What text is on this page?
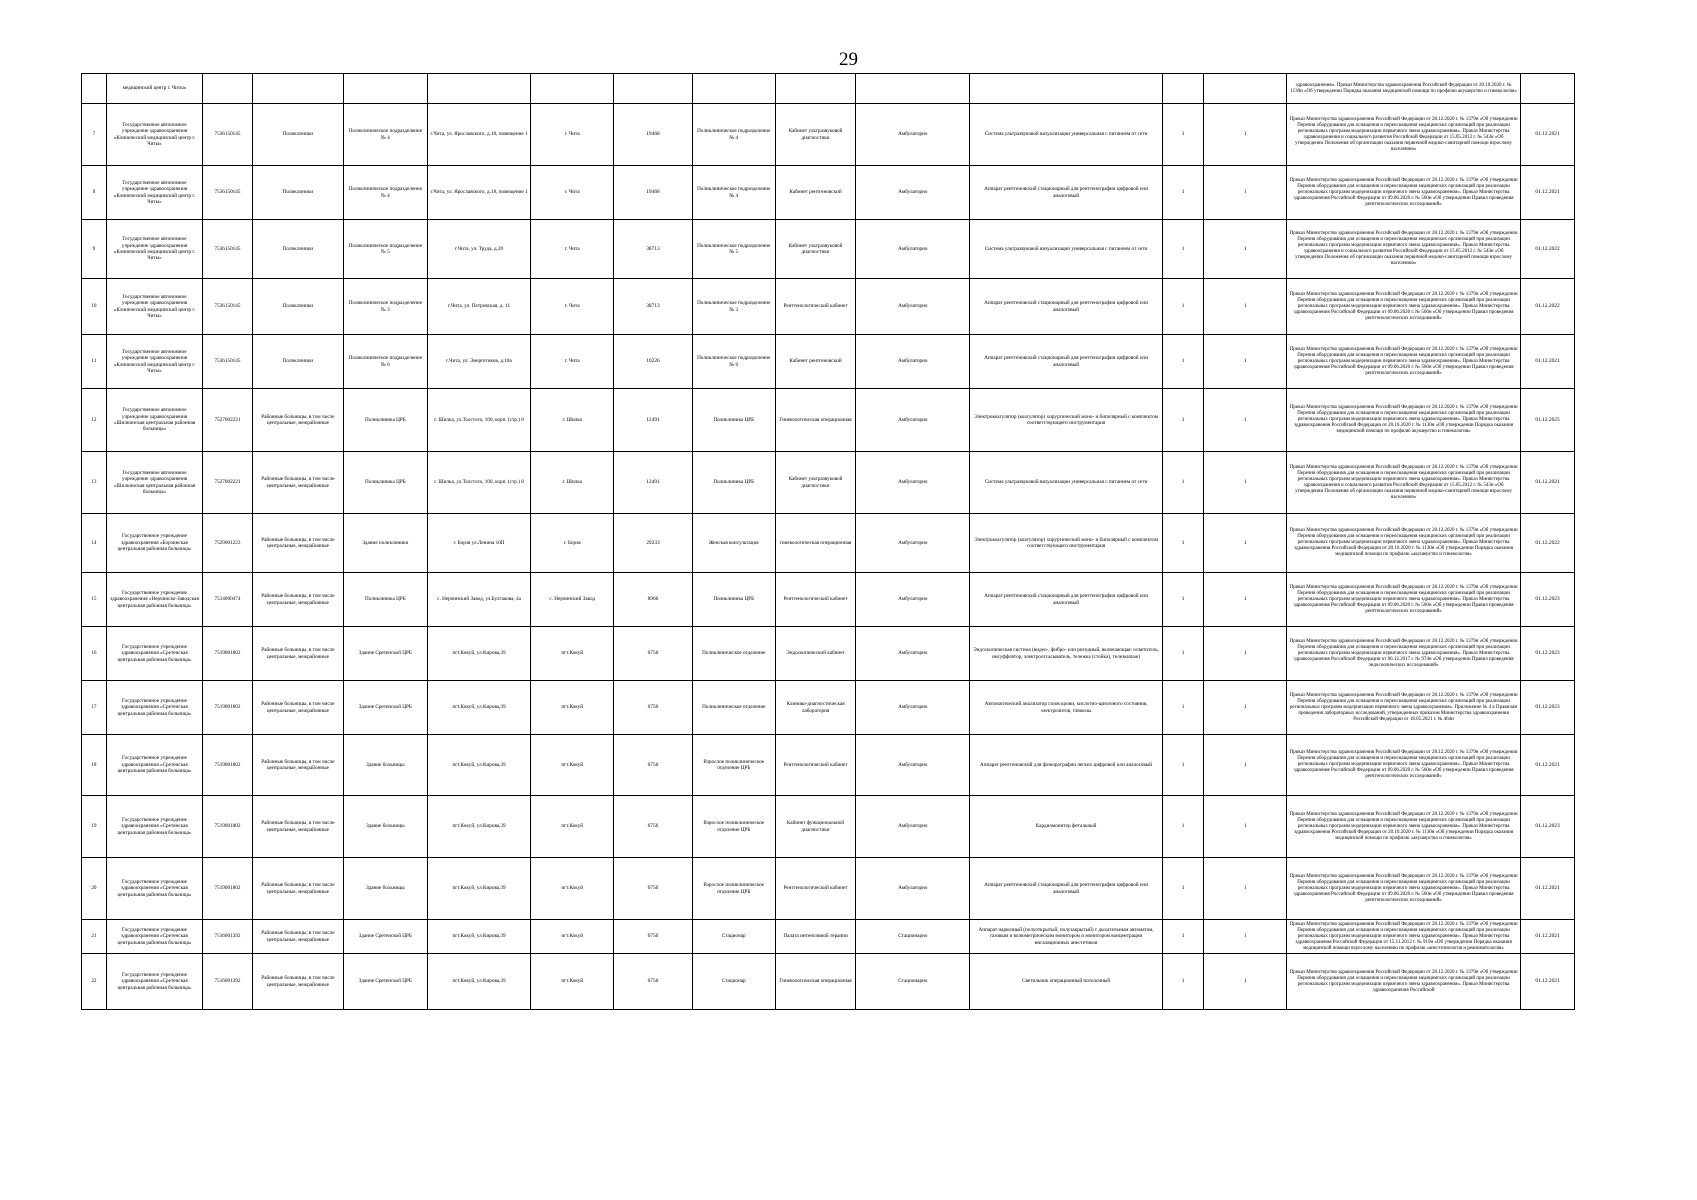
29
	медицинский центр г. Читы»													здравоохранения». Приказ Министерства здравоохранения Российской Федерации от 20.10.2020 г. № 1130н «Об утверждении Порядка оказания медицинской помощи по профилю акушерство и гинекология»	
7	Государственное автономное учреждение здравоохранения «Клинический медицинский центр г. Читы»	7536150145	Поликлиники	Поликлиническое подразделение № 4	г.Чита, ул. Ярославского, д.18, помещение 1	г. Чита	19468	Поликлиническое подразделение № 4	Кабинет ультразвуковой диагностики	Амбулаторно	Система ультразвуковой визуализации универсальная с питанием от сети	1	1	Приказ Министерства здравоохранения Российской Федерации от 28.12.2020 г. № 1379н «Об утверждении Перечня оборудования для оснащения и переоснащения медицинских организаций при реализации региональных программ модернизации первичного звена здравоохранения». Приказ Министерства здравоохранения и социального развития Российской Федерации от 15.05.2012 г. № 543н «Об утверждении Положения об организации оказания первичной медико-санитарной помощи взрослому населению»	01.12.2021
8	Государственное автономное учреждение здравоохранения «Клинический медицинский центр г. Читы»	7536150145	Поликлиники	Поликлиническое подразделение № 4	г.Чита, ул. Ярославского, д.18, помещение 1	г. Чита	19468	Поликлиническое подразделение № 4	Кабинет рентгеновский	Амбулаторно	Аппарат рентгеновский стационарный для рентгенографии цифровой или аналоговый	1	1	Приказ Министерства здравоохранения Российской Федерации от 28.12.2020 г. № 1379н «Об утверждении Перечня оборудования для оснащения и переоснащения медицинских организаций при реализации региональных программ модернизации первичного звена здравоохранения». Приказ Министерства здравоохранения Российской Федерации от 09.06.2020 г. № 560н «Об утверждении Правил проведения рентгенологических исследований»	01.12.2021
9	Государственное автономное учреждение здравоохранения «Клинический медицинский центр г. Читы»	7536150145	Поликлиники	Поликлиническое подразделение № 5	г.Чита, ул. Труда, д.20	г. Чита	38713	Поликлиническое подразделение № 5	Кабинет ультразвуковой диагностики	Амбулаторно	Система ультразвуковой визуализации универсальная с питанием от сети	1	1	Приказ Министерства здравоохранения Российской Федерации от 28.12.2020 г. № 1379н «Об утверждении Перечня оборудования для оснащения и переоснащения медицинских организаций при реализации региональных программ модернизации первичного звена здравоохранения». Приказ Министерства здравоохранения и социального развития Российской Федерации от 15.05.2012 г. № 543н «Об утверждении Положения об организации оказания первичной медико-санитарной помощи взрослому населению»	01.12.2022
10	Государственное автономное учреждение здравоохранения «Клинический медицинский центр г. Читы»	7536150145	Поликлиники	Поликлиническое подразделение № 3	г.Чита, ул. Петровская, д. 11	г. Чита	38713	Поликлиническое подразделение № 3	Рентгенологический кабинет	Амбулаторно	Аппарат рентгеновский стационарный для рентгенографии цифровой или аналоговый	1	1	Приказ Министерства здравоохранения Российской Федерации от 28.12.2020 г. № 1379н «Об утверждении Перечня оборудования для оснащения и переоснащения медицинских организаций при реализации региональных программ модернизации первичного звена здравоохранения». Приказ Министерства здравоохранения Российской Федерации от 09.06.2020 г. № 560н «Об утверждении Правил проведения рентгенологических исследований»	01.12.2022
11	Государственное автономное учреждение здравоохранения «Клинический медицинский центр г. Читы»	7536150145	Поликлиники	Поликлиническое подразделение № 6	г.Чита, ул. Энергетиков, д.18а	г. Чита	10226	Поликлиническое подразделение № 6	Кабинет рентгеновский	Амбулаторно	Аппарат рентгеновский стационарный для рентгенографии цифровой или аналоговый	1	1	Приказ Министерства здравоохранения Российской Федерации от 28.12.2020 г. № 1379н «Об утверждении Перечня оборудования для оснащения и переоснащения медицинских организаций при реализации региональных программ модернизации первичного звена здравоохранения». Приказ Министерства здравоохранения Российской Федерации от 09.06.2020 г. № 560н «Об утверждении Правил проведения рентгенологических исследований»	01.12.2021
12	Государственное автономное учреждение здравоохранения «Шилкинская центральная районная больница»	7527002221	Районные больницы, в том числе центральные, межрайонные	Поликлиника ЦРБ	г. Шилка, ул.Толстого, 100, корп. (стр.) 8	г. Шилка	12491	Поликлиника ЦРБ	Гинекологическая операционная	Амбулаторно	Электрокоагулятор (коагулятор) хирургический моно- и биполярный с комплектом соответствующего инструментария	1	1	Приказ Министерства здравоохранения Российской Федерации от 28.12.2020 г. № 1379н «Об утверждении Перечня оборудования для оснащения и переоснащения медицинских организаций при реализации региональных программ модернизации первичного звена здравоохранения». Приказ Министерства здравоохранения Российской Федерации от 20.10.2020 г. № 1130н «Об утверждении Порядка оказания медицинской помощи по профилю акушерство и гинекология»	01.12.2025
13	Государственное автономное учреждение здравоохранения «Шилкинская центральная районная больница»	7527002221	Районные больницы, в том числе центральные, межрайонные	Поликлиника ЦРБ	г. Шилка, ул.Толстого, 100, корп. (стр.) 8	г. Шилка	12491	Поликлиника ЦРБ	Кабинет ультразвуковой диагностики	Амбулаторно	Система ультразвуковой визуализации универсальная с питанием от сети	1	1	Приказ Министерства здравоохранения Российской Федерации от 28.12.2020 г. № 1379н «Об утверждении Перечня оборудования для оснащения и переоснащения медицинских организаций при реализации региональных программ модернизации первичного звена здравоохранения». Приказ Министерства здравоохранения и социального развития Российской Федерации от 15.05.2012 г. № 543н «Об утверждении Положения об организации оказания первичной медико-санитарной помощи взрослому населению»	01.12.2021
14	Государственное учреждение здравоохранения «Борзинская центральная районная больница»	7529001223	Районные больницы, в том числе центральные, межрайонные	Здание поликлиники	г. Борзя ул.Ленина 10П	г. Борзя	29233	Женская консультация	гинекологическая операционная	Амбулаторно	Электрокоагулятор (коагулятор) хирургический моно- и биполярный с комплектом соответствующего инструментария	1	1	Приказ Министерства здравоохранения Российской Федерации от 28.12.2020 г. № 1379н «Об утверждении Перечня оборудования для оснащения и переоснащения медицинских организаций при реализации региональных программ модернизации первичного звена здравоохранения». Приказ Министерства здравоохранения Российской Федерации от 20.10.2020 г. № 1130н «Об утверждении Порядка оказания медицинской помощи по профилю «акушерство и гинекология»	01.12.2022
15	Государственное учреждение здравоохранения «Нерчинско-Заводская центральная районная больница»	7514000474	Районные больницы, в том числе центральные, межрайонные	Поликлиника ЦРБ	с. Нерчинский Завод, ул.Булгакова, 4а	с. Нерчинский Завод	8966	Поликлиника ЦРБ	Рентгенологический кабинет	Амбулаторно	Аппарат рентгеновский стационарный для рентгенографии цифровой или аналоговый	1	1	Приказ Министерства здравоохранения Российской Федерации от 28.12.2020 г. № 1379н «Об утверждении Перечня оборудования для оснащения и переоснащения медицинских организаций при реализации региональных программ модернизации первичного звена здравоохранения». Приказ Министерства здравоохранения Российской Федерации от 09.06.2020 г. № 560н «Об утверждении Правил проведения рентгенологических исследований»	01.12.2023
16	Государственное учреждение здравоохранения «Сретенская центральная районная больница»	7519001802	Районные больницы, в том числе центральные, межрайонные	Здание Сретенской ЦРБ	пгт.Кокуй, ул.Кирова,39	пгт.Кокуй	6756	Поликлиническое отделение	Эндоскопический кабинет	Амбулаторно	Эндоскопическая система (видео-, фибро- или ригидный, включающая: осветитель, инсуффлятор, электроотсасыватель, тележка (стойка), телеэкипаж)	1	1	Приказ Министерства здравоохранения Российской Федерации от 28.12.2020 г. № 1379н «Об утверждении Перечня оборудования для оснащения и переоснащения медицинских организаций при реализации региональных программ модернизации первичного звена здравоохранения». Приказ Министерства здравоохранения Российской Федерации от 06.12.2017 г. № 974н «Об утверждении Правил проведения эндоскопических исследований»	01.12.2023
17	Государственное учреждение здравоохранения «Сретенская центральная районная больница»	7519001802	Районные больницы, в том числе центральные, межрайонные	Здание Сретенской ЦРБ	пгт.Кокуй, ул.Кирова,39	пгт.Кокуй	6756	Поликлиническое отделение	Клинико-диагностическая лаборатория	Амбулаторно	Автоматический анализатор газов крови, кислотно-щелочного состояния, электролитов, глюкозы	1	1	Приказ Министерства здравоохранения Российской Федерации от 28.12.2020 г. № 1379н «Об утверждении Перечня оборудования для оснащения и переоснащения медицинских организаций при реализации региональных программ модернизации первичного звена здравоохранения». Приложение № 4 к Правилам проведения лабораторных исследований, утвержденных приказом Министерства здравоохранения Российской Федерации от 18.05.2021 г. № 464н	01.12.2023
18	Государственное учреждение здравоохранения «Сретенская центральная районная больница»	7519001802	Районные больницы, в том числе центральные, межрайонные	Здание больницы	пгт.Кокуй, ул.Кирова,39	пгт.Кокуй	6756	Взрослое поликлиническое отделение ЦРБ	Рентгенологический кабинет	Амбулаторно	Аппарат рентгеновский для флюорографии легких цифровой или аналоговый	1	1	Приказ Министерства здравоохранения Российской Федерации от 28.12.2020 г. № 1379н «Об утверждении Перечня оборудования для оснащения и переоснащения медицинских организаций при реализации региональных программ модернизации первичного звена здравоохранения». Приказ Министерства здравоохранения Российской Федерации от 09.06.2020 г. № 560н «Об утверждении Правил проведения рентгенологических исследований»	01.12.2021
19	Государственное учреждение здравоохранения «Сретенская центральная районная больница»	7519001802	Районные больницы, в том числе центральные, межрайонные	Здание больницы	пгт.Кокуй, ул.Кирова,39	пгт.Кокуй	6756	Взрослое поликлиническое отделение ЦРБ	Кабинет функциональной диагностики	Амбулаторно	Кардиомонитор фетальный	1	1	Приказ Министерства здравоохранения Российской Федерации от 28.12.2020 г. № 1379н «Об утверждении Перечня оборудования для оснащения и переоснащения медицинских организаций при реализации региональных программ модернизации первичного звена здравоохранения». Приказ Министерства здравоохранения Российской Федерации от 20.10.2020 г. № 1130н «Об утверждении Порядка оказания медицинской помощи по профилю «акушерство и гинекология»	01.12.2023
20	Государственное учреждение здравоохранения «Сретенская центральная районная больница»	7519001802	Районные больницы, в том числе центральные, межрайонные	Здание больницы	пгт.Кокуй, ул.Кирова,39	пгт.Кокуй	6756	Взрослое поликлиническое отделение ЦРБ	Рентгенологический кабинет	Амбулаторно	Аппарат рентгеновский стационарный для рентгенографии цифровой или аналоговый	1	1	Приказ Министерства здравоохранения Российской Федерации от 28.12.2020 г. № 1379н «Об утверждении Перечня оборудования для оснащения и переоснащения медицинских организаций при реализации региональных программ модернизации первичного звена здравоохранения». Приказ Министерства здравоохранения Российской Федерации от 09.06.2020 г. № 560н «Об утверждении Правил проведения рентгенологических исследований»	01.12.2021
21	Государственное учреждение здравоохранения «Сретенская центральная районная больница»	7516001392	Районные больницы, в том числе центральные, межрайонные	Здание Сретенской ЦРБ	пгт.Кокуй, ул.Кирова,39	пгт.Кокуй	6756	Стационар	Палата интенсивной терапии	Стационарно	Аппарат наркозный (полуоткрытый, полузакрытый) с дыхательным автоматом, газовым и волюметрическим монитором и монитором концентрации ингаляционных анестетиков	1	1	Приказ Министерства здравоохранения Российской Федерации от 28.12.2020 г. № 1379н «Об утверждении Перечня оборудования для оснащения и переоснащения медицинских организаций при реализации региональных программ модернизации первичного звена здравоохранения». Приказ Министерства здравоохранения Российской Федерации от 15.11.2012 г. № 919н «Об утверждении Порядка оказания медицинской помощи взрослому населению по профилю «анестезиология и реаниматология»	01.12.2021
22	Государственное учреждение здравоохранения «Сретенская центральная районная больница»	7516001392	Районные больницы, в том числе центральные, межрайонные	Здание Сретенской ЦРБ	пгт.Кокуй, ул.Кирова,39	пгт.Кокуй	6756	Стационар	Гинекологическая операционная	Стационарно	Светильник операционный потолочный	1	1	Приказ Министерства здравоохранения Российской Федерации от 28.12.2020 г. № 1379н «Об утверждении Перечня оборудования для оснащения и переоснащения медицинских организаций при реализации региональных программ модернизации первичного звена здравоохранения». Приказ Министерства здравоохранения Российской	01.12.2021
